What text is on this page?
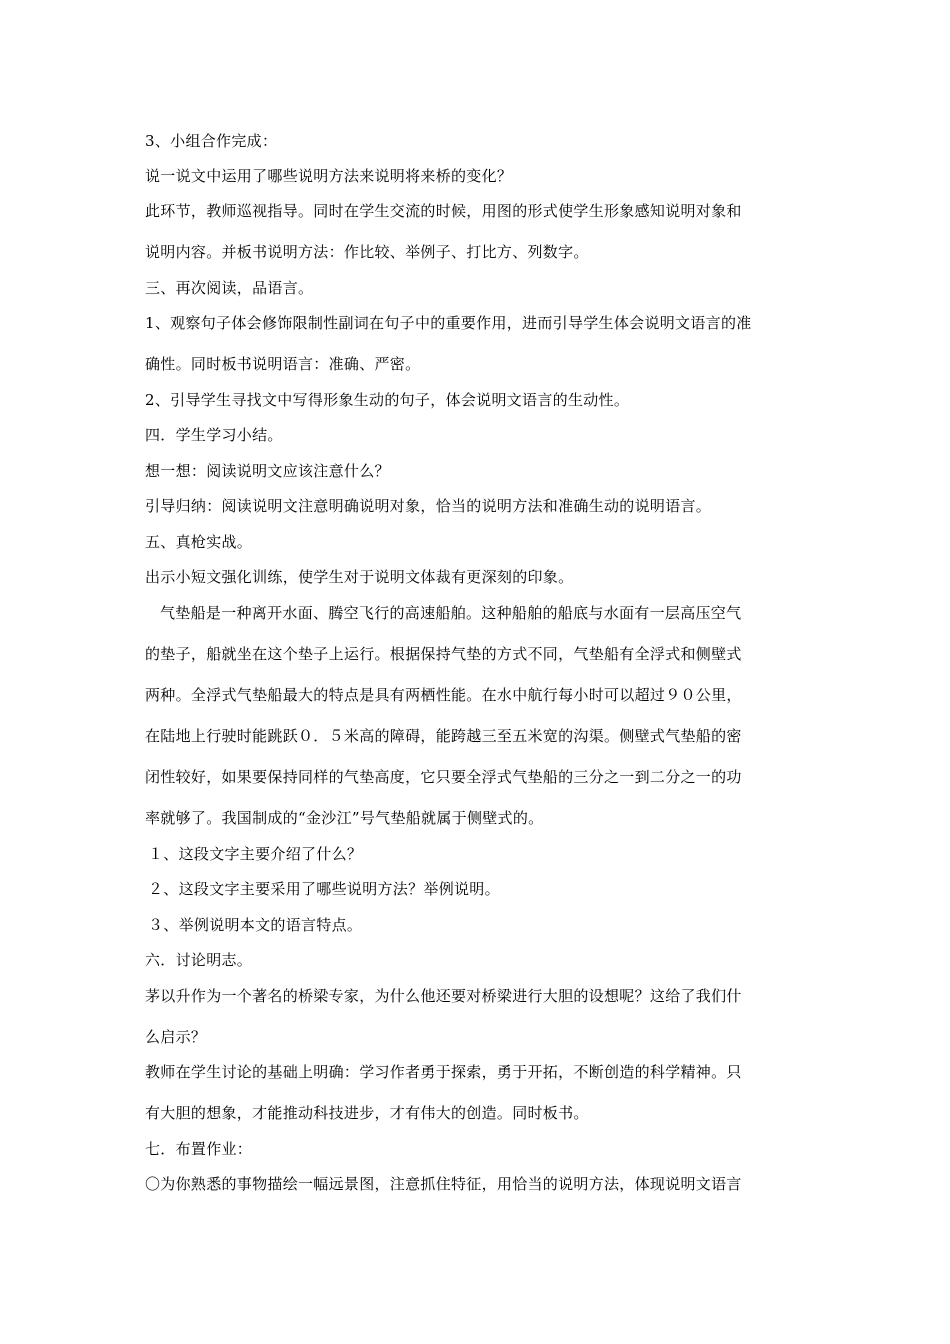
3、小组合作完成：
说一说文中运用了哪些说明方法来说明将来桥的变化？
此环节，教师巡视指导。同时在学生交流的时候，用图的形式使学生形象感知说明对象和
说明内容。并板书说明方法：作比较、举例子、打比方、列数字。
三、再次阅读，品语言。
1、观察句子体会修饰限制性副词在句子中的重要作用，进而引导学生体会说明文语言的准
确性。同时板书说明语言：准确、严密。
2、引导学生寻找文中写得形象生动的句子，体会说明文语言的生动性。
四．学生学习小结。
想一想：阅读说明文应该注意什么？
引导归纳：阅读说明文注意明确说明对象，恰当的说明方法和准确生动的说明语言。
五、真枪实战。
出示小短文强化训练，使学生对于说明文体裁有更深刻的印象。
气垫船是一种离开水面、腾空飞行的高速船舶。这种船舶的船底与水面有一层高压空气
的垫子，船就坐在这个垫子上运行。根据保持气垫的方式不同，气垫船有全浮式和侧壁式
两种。全浮式气垫船最大的特点是具有两栖性能。在水中航行每小时可以超过９０公里，
在陆地上行驶时能跳跃０．５米高的障碍，能跨越三至五米宽的沟渠。侧壁式气垫船的密
闭性较好，如果要保持同样的气垫高度，它只要全浮式气垫船的三分之一到二分之一的功
率就够了。我国制成的“金沙江”号气垫船就属于侧壁式的。
１、这段文字主要介绍了什么？
２、这段文字主要采用了哪些说明方法？举例说明。
３、举例说明本文的语言特点。
六．讨论明志。
茅以升作为一个著名的桥梁专家，为什么他还要对桥梁进行大胆的设想呢？这给了我们什
么启示？
教师在学生讨论的基础上明确：学习作者勇于探索，勇于开拓，不断创造的科学精神。只
有大胆的想象，才能推动科技进步，才有伟大的创造。同时板书。
七．布置作业：
〇为你熟悉的事物描绘一幅远景图，注意抓住特征，用恰当的说明方法，体现说明文语言
